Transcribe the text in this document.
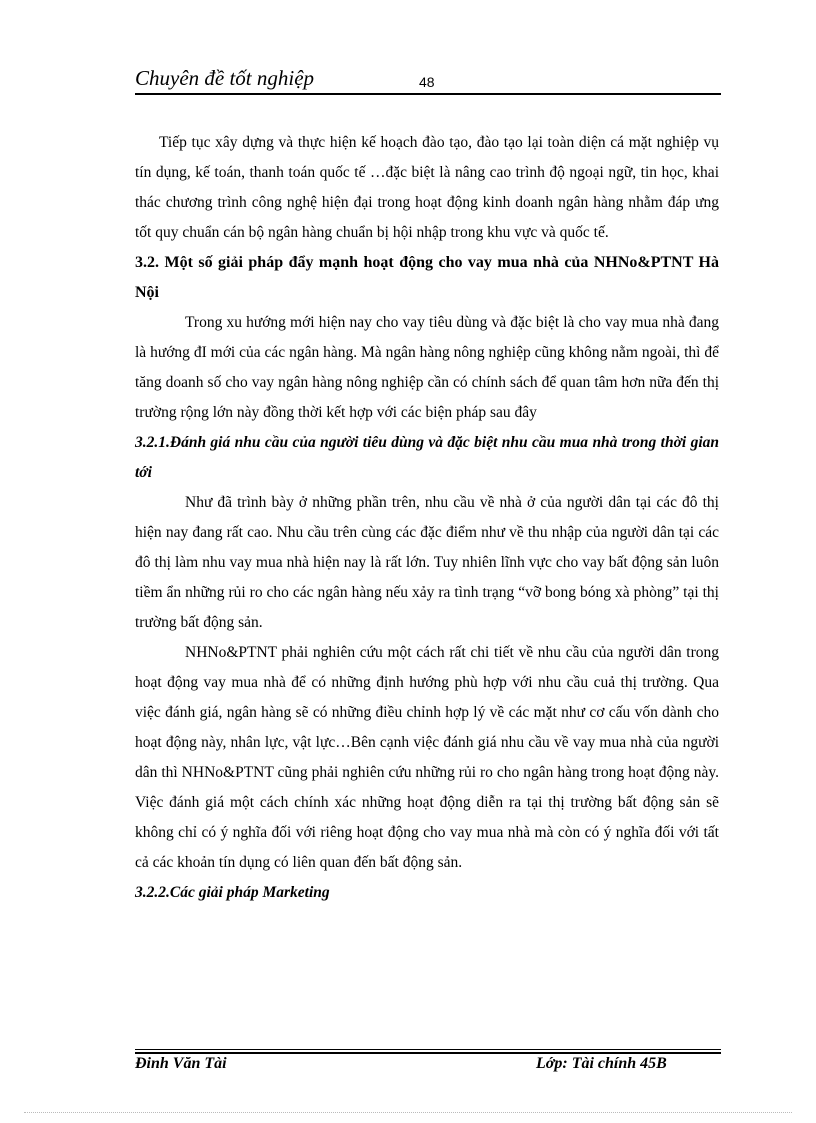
Chuyên đề tốt nghiệp	48

Tiếp tục xây dựng và thực hiện kế hoạch đào tạo, đào tạo lại toàn diện cá mặt nghiệp vụ tín dụng, kế toán, thanh toán quốc tế …đặc biệt là nâng cao trình độ ngoại ngữ, tin học, khai thác chương trình công nghệ hiện đại trong hoạt động kinh doanh ngân hàng nhằm đáp ưng tốt quy chuẩn cán bộ ngân hàng chuẩn bị hội nhập trong khu vực và quốc tế.

3.2. Một số giải pháp đẩy mạnh hoạt động cho vay mua nhà của NHNo&PTNT Hà Nội

Trong xu hướng mới hiện nay cho vay tiêu dùng và đặc biệt là cho vay mua nhà đang là hướng đI mới của các ngân hàng. Mà ngân hàng nông nghiệp cũng không nằm ngoài, thì để tăng doanh số cho vay ngân hàng nông nghiệp cần có chính sách để quan tâm hơn nữa đến thị trường rộng lớn này đồng thời kết hợp với các biện pháp sau đây

3.2.1.Đánh giá nhu cầu của người tiêu dùng và đặc biệt nhu cầu mua nhà trong thời gian tới

Như đã trình bày ở những phần trên, nhu cầu về nhà ở của người dân tại các đô thị hiện nay đang rất cao. Nhu cầu trên cùng các đặc điểm như về thu nhập của người dân tại các đô thị làm nhu vay mua nhà hiện nay là rất lớn. Tuy nhiên lĩnh vực cho vay bất động sản luôn tiềm ẩn những rủi ro cho các ngân hàng nếu xảy ra tình trạng “vỡ bong bóng xà phòng” tại thị trường bất động sản.

NHNo&PTNT phải nghiên cứu một cách rất chi tiết về nhu cầu của người dân trong hoạt động vay mua nhà để có những định hướng phù hợp với nhu cầu cuả thị trường. Qua việc đánh giá, ngân hàng sẽ có những điều chỉnh hợp lý về các mặt như cơ cấu vốn dành cho hoạt động này, nhân lực, vật lực…Bên cạnh việc đánh giá nhu cầu về vay mua nhà của người dân thì NHNo&PTNT cũng phải nghiên cứu những rủi ro cho ngân hàng trong hoạt động này. Việc đánh giá một cách chính xác những hoạt động diễn ra tại thị trường bất động sản sẽ không chỉ có ý nghĩa đối với riêng hoạt động cho vay mua nhà mà còn có ý nghĩa đối với tất cả các khoản tín dụng có liên quan đến bất động sản.

3.2.2.Các giải pháp Marketing

Đinh Văn Tài	Lớp: Tài chính 45B
